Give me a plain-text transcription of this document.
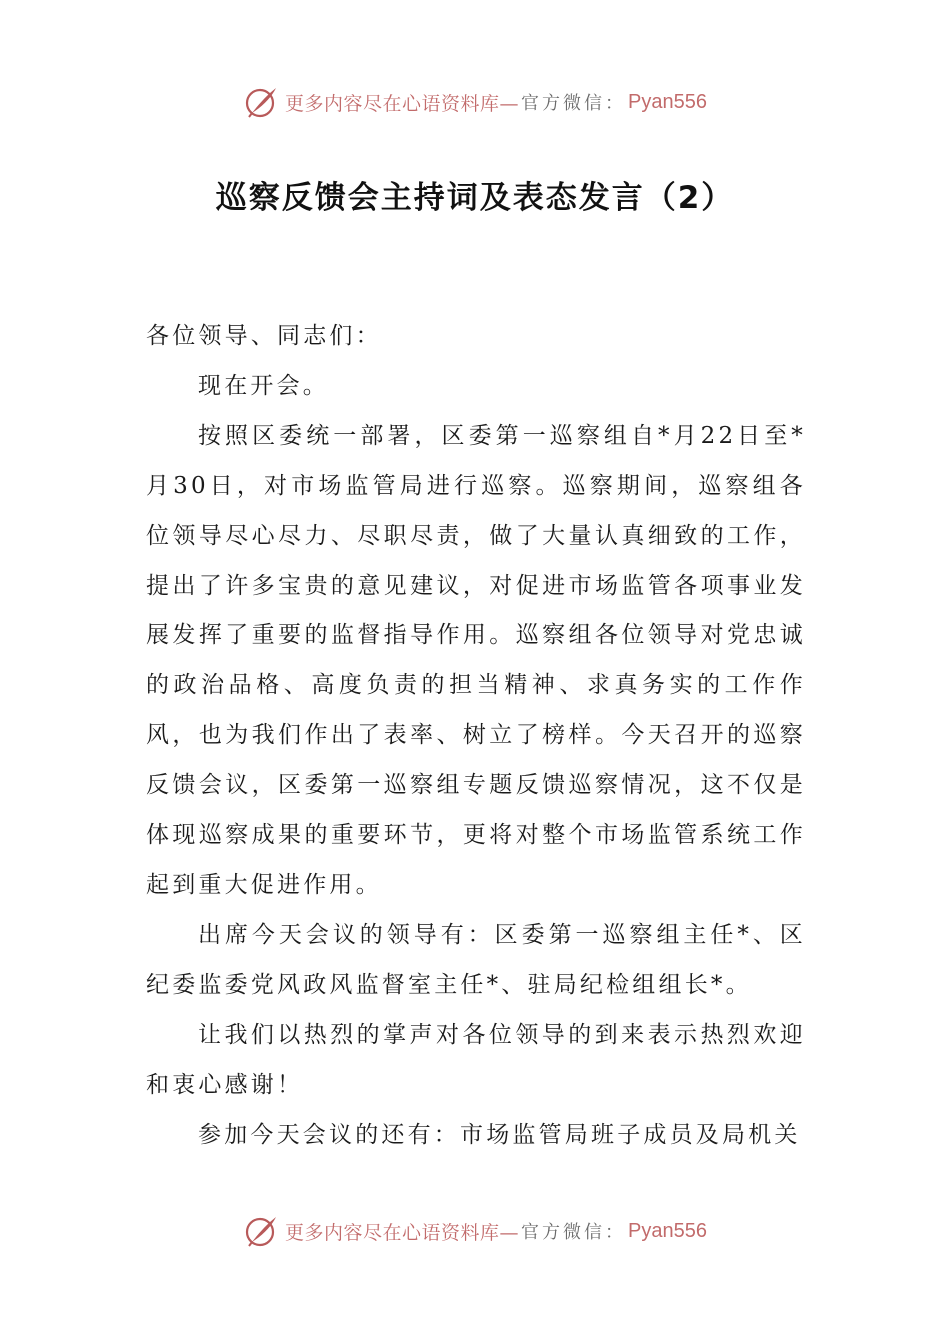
更多内容尽在心语资料库— 官方微信： Pyan556
巡察反馈会主持词及表态发言（2）

各位领导、同志们：

现在开会。

按照区委统一部署，区委第一巡察组自*月22日至*月30日，对市场监管局进行巡察。巡察期间，巡察组各位领导尽心尽力、尽职尽责，做了大量认真细致的工作，提出了许多宝贵的意见建议，对促进市场监管各项事业发展发挥了重要的监督指导作用。巡察组各位领导对党忠诚的政治品格、高度负责的担当精神、求真务实的工作作风，也为我们作出了表率、树立了榜样。今天召开的巡察反馈会议，区委第一巡察组专题反馈巡察情况，这不仅是体现巡察成果的重要环节，更将对整个市场监管系统工作起到重大促进作用。

出席今天会议的领导有：区委第一巡察组主任*、区纪委监委党风政风监督室主任*、驻局纪检组组长*。

让我们以热烈的掌声对各位领导的到来表示热烈欢迎和衷心感谢！

参加今天会议的还有：市场监管局班子成员及局机关

更多内容尽在心语资料库— 官方微信： Pyan556
